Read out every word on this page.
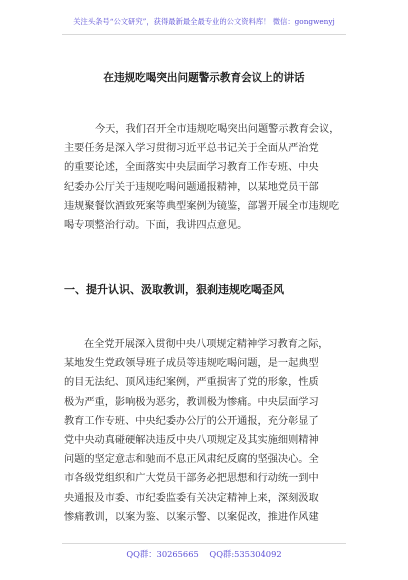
关注头条号“公文研究”，获得最新最全最专业的公文资料库！ 微信：gongwenyj
在违规吃喝突出问题警示教育会议上的讲话
今天，我们召开全市违规吃喝突出问题警示教育会议，
主要任务是深入学习贯彻习近平总书记关于全面从严治党
的重要论述，全面落实中央层面学习教育工作专班、中央
纪委办公厅关于违规吃喝问题通报精神，以某地党员干部
违规聚餐饮酒致死案等典型案例为镜鉴，部署开展全市违规吃
喝专项整治行动。下面，我讲四点意见。
一、提升认识、汲取教训，狠刹违规吃喝歪风
在全党开展深入贯彻中央八项规定精神学习教育之际，
某地发生党政领导班子成员等违规吃喝问题，是一起典型
的目无法纪、顶风违纪案例，严重损害了党的形象，性质
极为严重，影响极为恶劣，教训极为惨痛。中央层面学习
教育工作专班、中央纪委办公厅的公开通报，充分彰显了
党中央动真碰硬解决违反中央八项规定及其实施细则精神
问题的坚定意志和驰而不息正风肃纪反腐的坚强决心。全
市各级党组织和广大党员干部务必把思想和行动统一到中
央通报及市委、市纪委监委有关决定精神上来，深刻汲取
惨痛教训，以案为鉴、以案示警、以案促改，推进作风建
QQ群：30265665 QQ群:535304092
